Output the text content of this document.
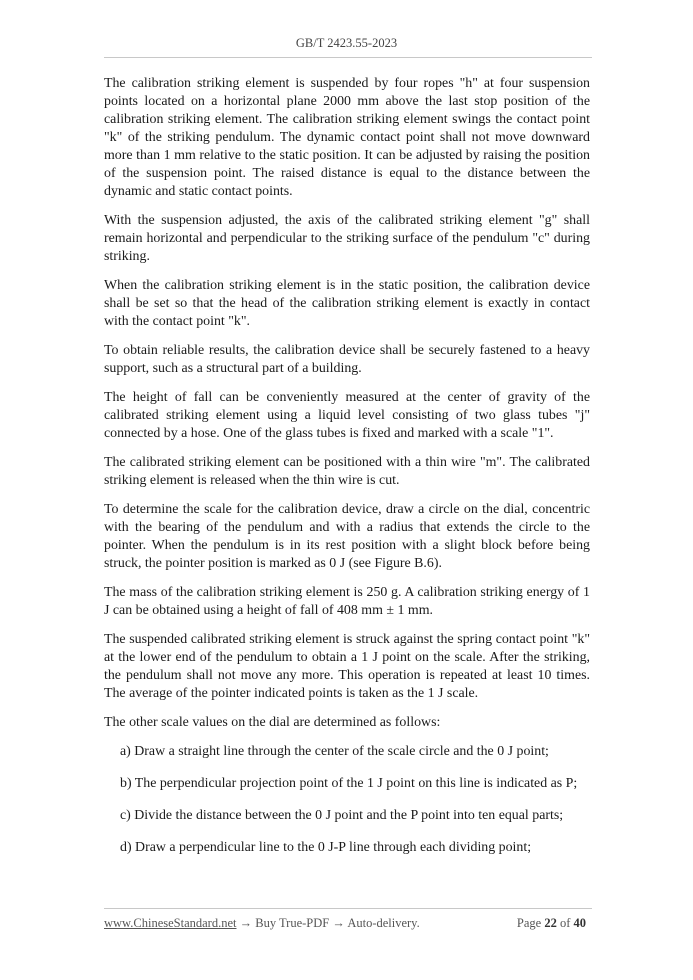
GB/T 2423.55-2023

The calibration striking element is suspended by four ropes "h" at four suspension points located on a horizontal plane 2000 mm above the last stop position of the calibration striking element. The calibration striking element swings the contact point "k" of the striking pendulum. The dynamic contact point shall not move downward more than 1 mm relative to the static position. It can be adjusted by raising the position of the suspension point. The raised distance is equal to the distance between the dynamic and static contact points.

With the suspension adjusted, the axis of the calibrated striking element "g" shall remain horizontal and perpendicular to the striking surface of the pendulum "c" during striking.

When the calibration striking element is in the static position, the calibration device shall be set so that the head of the calibration striking element is exactly in contact with the contact point "k".

To obtain reliable results, the calibration device shall be securely fastened to a heavy support, such as a structural part of a building.

The height of fall can be conveniently measured at the center of gravity of the calibrated striking element using a liquid level consisting of two glass tubes "j" connected by a hose. One of the glass tubes is fixed and marked with a scale "1".

The calibrated striking element can be positioned with a thin wire "m". The calibrated striking element is released when the thin wire is cut.

To determine the scale for the calibration device, draw a circle on the dial, concentric with the bearing of the pendulum and with a radius that extends the circle to the pointer. When the pendulum is in its rest position with a slight block before being struck, the pointer position is marked as 0 J (see Figure B.6).

The mass of the calibration striking element is 250 g. A calibration striking energy of 1 J can be obtained using a height of fall of 408 mm ± 1 mm.

The suspended calibrated striking element is struck against the spring contact point "k" at the lower end of the pendulum to obtain a 1 J point on the scale. After the striking, the pendulum shall not move any more. This operation is repeated at least 10 times. The average of the pointer indicated points is taken as the 1 J scale.

The other scale values on the dial are determined as follows:

a) Draw a straight line through the center of the scale circle and the 0 J point;

b) The perpendicular projection point of the 1 J point on this line is indicated as P;

c) Divide the distance between the 0 J point and the P point into ten equal parts;

d) Draw a perpendicular line to the 0 J-P line through each dividing point;

www.ChineseStandard.net → Buy True-PDF → Auto-delivery.	Page 22 of 40
